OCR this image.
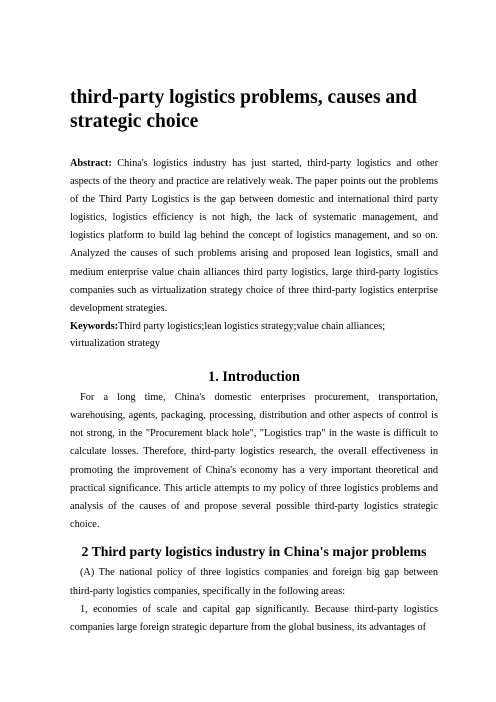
third-party logistics problems, causes and strategic choice

Abstract: China's logistics industry has just started, third-party logistics and other aspects of the theory and practice are relatively weak. The paper points out the problems of the Third Party Logistics is the gap between domestic and international third party logistics, logistics efficiency is not high, the lack of systematic management, and logistics platform to build lag behind the concept of logistics management, and so on. Analyzed the causes of such problems arising and proposed lean logistics, small and medium enterprise value chain alliances third party logistics, large third-party logistics companies such as virtualization strategy choice of three third-party logistics enterprise development strategies.

Keywords:Third party logistics;lean logistics strategy;value chain alliances; virtualization strategy

1. Introduction

For a long time, China's domestic enterprises procurement, transportation, warehousing, agents, packaging, processing, distribution and other aspects of control is not strong, in the "Procurement black hole", "Logistics trap" in the waste is difficult to calculate losses. Therefore, third-party logistics research, the overall effectiveness in promoting the improvement of China's economy has a very important theoretical and practical significance. This article attempts to my policy of three logistics problems and analysis of the causes of and propose several possible third-party logistics strategic choice.

2 Third party logistics industry in China's major problems

(A) The national policy of three logistics companies and foreign big gap between third-party logistics companies, specifically in the following areas:

1, economies of scale and capital gap significantly. Because third-party logistics companies large foreign strategic departure from the global business, its advantages of
